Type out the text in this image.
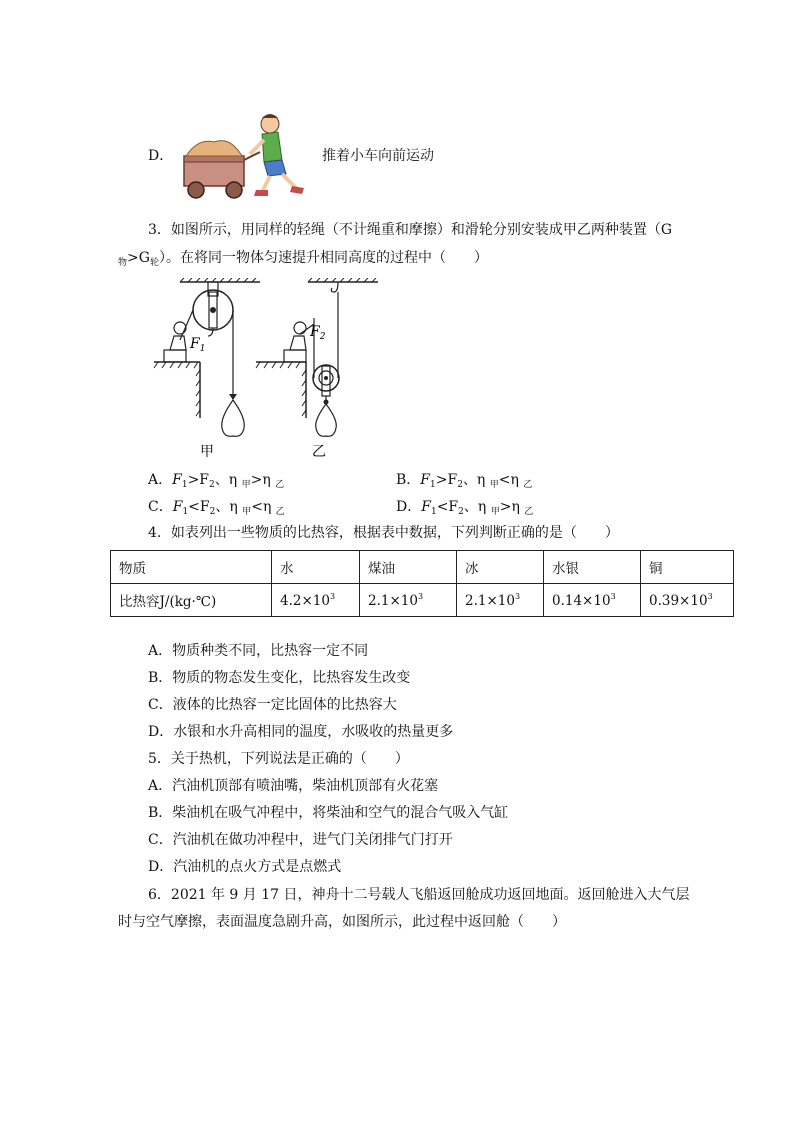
D．	推着小车向前运动
3．如图所示，用同样的轻绳（不计绳重和摩擦）和滑轮分别安装成甲乙两种装置（G
$_物>G_轮$）。在将同一物体匀速提升相同高度的过程中（　　）
$F_1$
甲
$F_2$
乙
A．$F_1>F_2$、η $_甲$>η $_乙$	B．$F_1>F_2$、η $_甲$<η $_乙$
C．$F_1<F_2$、η $_甲$<η $_乙$	D．$F_1<F_2$、η $_甲$>η $_乙$
4．如表列出一些物质的比热容，根据表中数据，下列判断正确的是（　　）
物质	水	煤油	冰	水银	铜
比热容J/(kg·℃)	$4.2\times 10^3$	$2.1\times 10^3$	$2.1\times 10^3$	$0.14\times 10^3$	$0.39\times 10^3$
A．物质种类不同，比热容一定不同
B．物质的物态发生变化，比热容发生改变
C．液体的比热容一定比固体的比热容大
D．水银和水升高相同的温度，水吸收的热量更多
5．关于热机，下列说法是正确的（　　）
A．汽油机顶部有喷油嘴，柴油机顶部有火花塞
B．柴油机在吸气冲程中，将柴油和空气的混合气吸入气缸
C．汽油机在做功冲程中，进气门关闭排气门打开
D．汽油机的点火方式是点燃式
6．2021 年 9 月 17 日，神舟十二号载人飞船返回舱成功返回地面。返回舱进入大气层
时与空气摩擦，表面温度急剧升高，如图所示，此过程中返回舱（　　）
